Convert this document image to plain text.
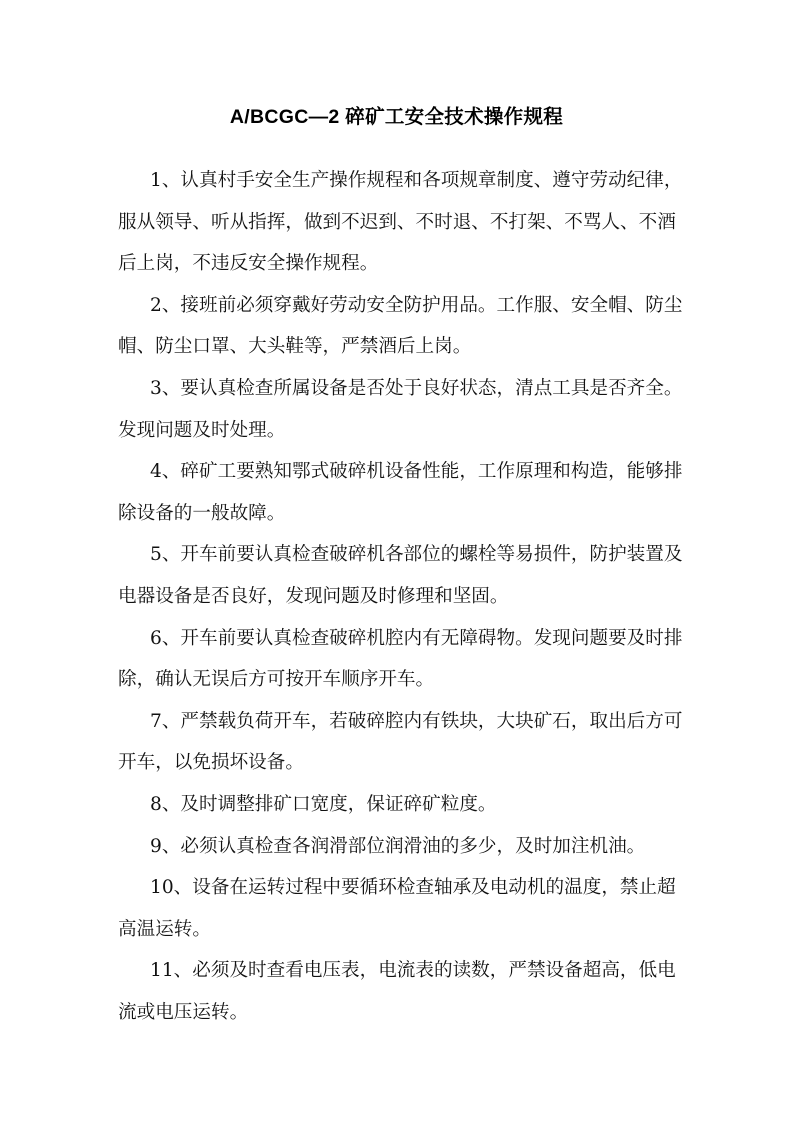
A/BCGC—2 碎矿工安全技术操作规程
1、认真村手安全生产操作规程和各项规章制度、遵守劳动纪律，
服从领导、听从指挥，做到不迟到、不时退、不打架、不骂人、不酒
后上岗，不违反安全操作规程。
2、接班前必须穿戴好劳动安全防护用品。工作服、安全帽、防尘
帽、防尘口罩、大头鞋等，严禁酒后上岗。
3、要认真检查所属设备是否处于良好状态，清点工具是否齐全。
发现问题及时处理。
4、碎矿工要熟知鄂式破碎机设备性能，工作原理和构造，能够排
除设备的一般故障。
5、开车前要认真检查破碎机各部位的螺栓等易损件，防护装置及
电器设备是否良好，发现问题及时修理和坚固。
6、开车前要认真检查破碎机腔内有无障碍物。发现问题要及时排
除，确认无误后方可按开车顺序开车。
7、严禁载负荷开车，若破碎腔内有铁块，大块矿石，取出后方可
开车，以免损坏设备。
8、及时调整排矿口宽度，保证碎矿粒度。
9、必须认真检查各润滑部位润滑油的多少，及时加注机油。
10、设备在运转过程中要循环检查轴承及电动机的温度，禁止超
高温运转。
11、必须及时查看电压表，电流表的读数，严禁设备超高，低电
流或电压运转。
